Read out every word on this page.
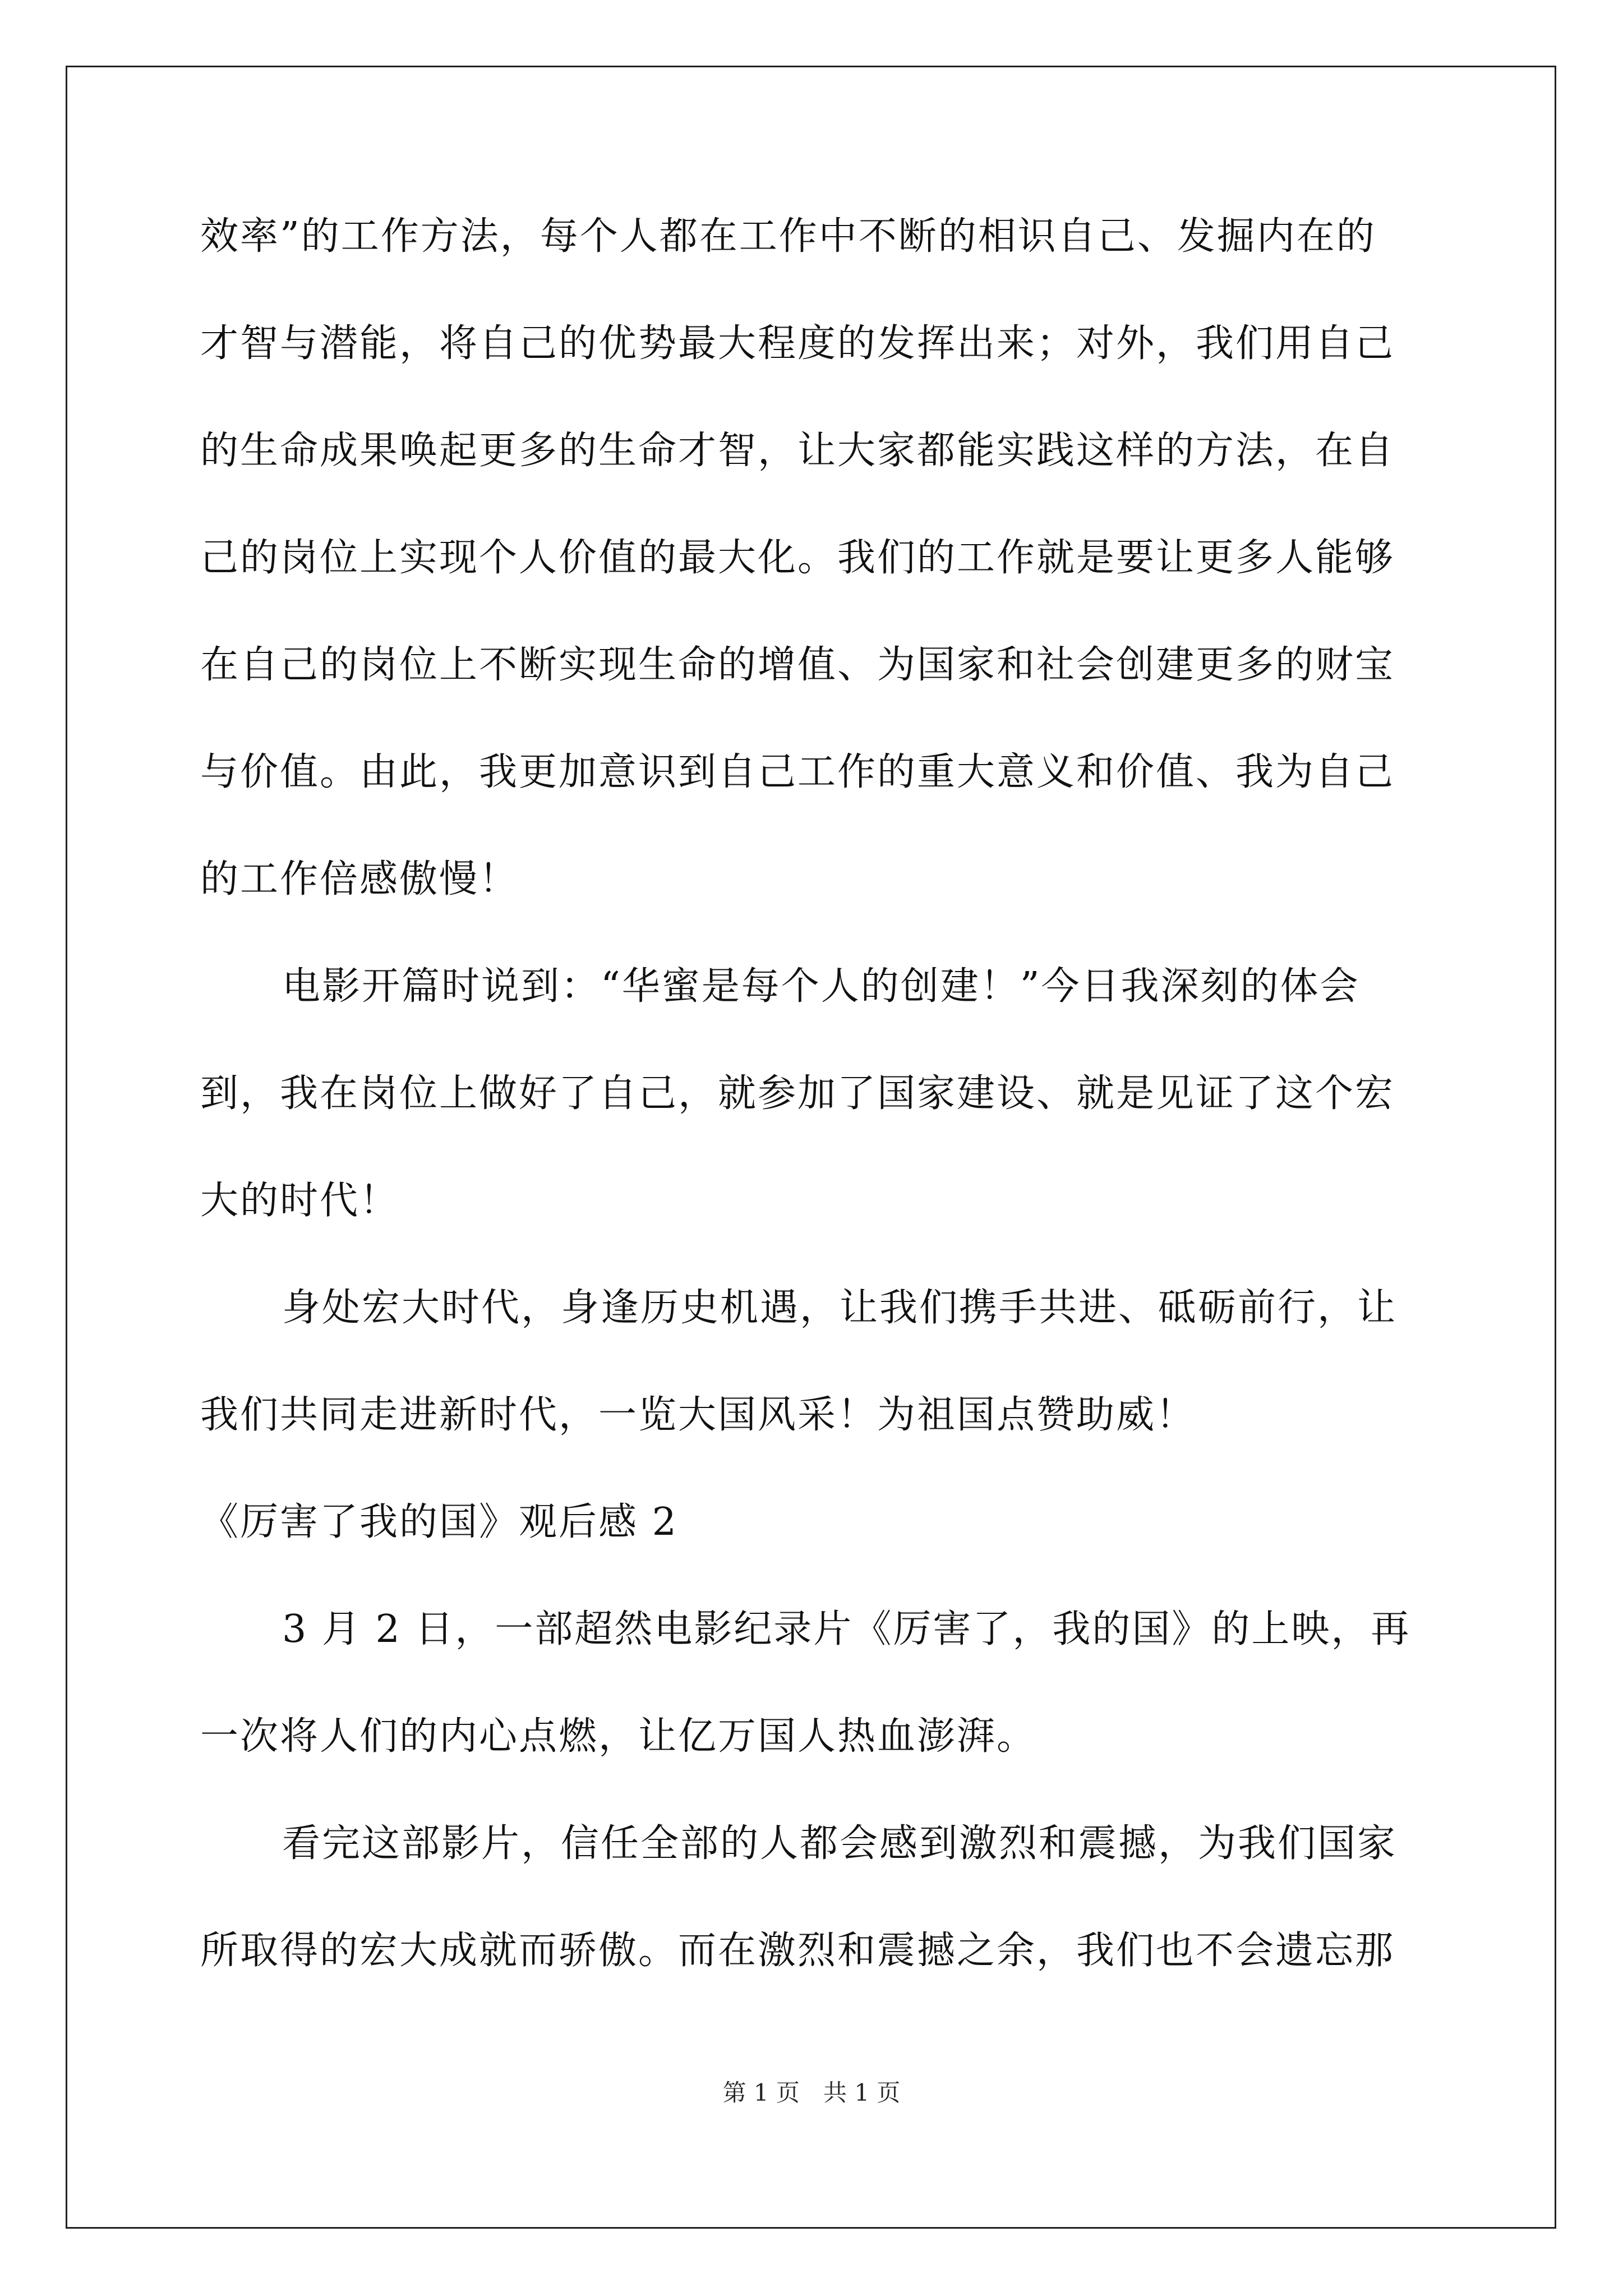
效率”的工作方法，每个人都在工作中不断的相识自己、发掘内在的
才智与潜能，将自己的优势最大程度的发挥出来；对外，我们用自己
的生命成果唤起更多的生命才智，让大家都能实践这样的方法，在自
己的岗位上实现个人价值的最大化。我们的工作就是要让更多人能够
在自己的岗位上不断实现生命的增值、为国家和社会创建更多的财宝
与价值。由此，我更加意识到自己工作的重大意义和价值、我为自己
的工作倍感傲慢！
电影开篇时说到：“华蜜是每个人的创建！”今日我深刻的体会
到，我在岗位上做好了自己，就参加了国家建设、就是见证了这个宏
大的时代！
身处宏大时代，身逢历史机遇，让我们携手共进、砥砺前行，让
我们共同走进新时代，一览大国风采！为祖国点赞助威！
《厉害了我的国》观后感 2
3 月 2 日，一部超然电影纪录片《厉害了，我的国》的上映，再
一次将人们的内心点燃，让亿万国人热血澎湃。
看完这部影片，信任全部的人都会感到激烈和震撼，为我们国家
所取得的宏大成就而骄傲。而在激烈和震撼之余，我们也不会遗忘那
第 1 页　共 1 页
